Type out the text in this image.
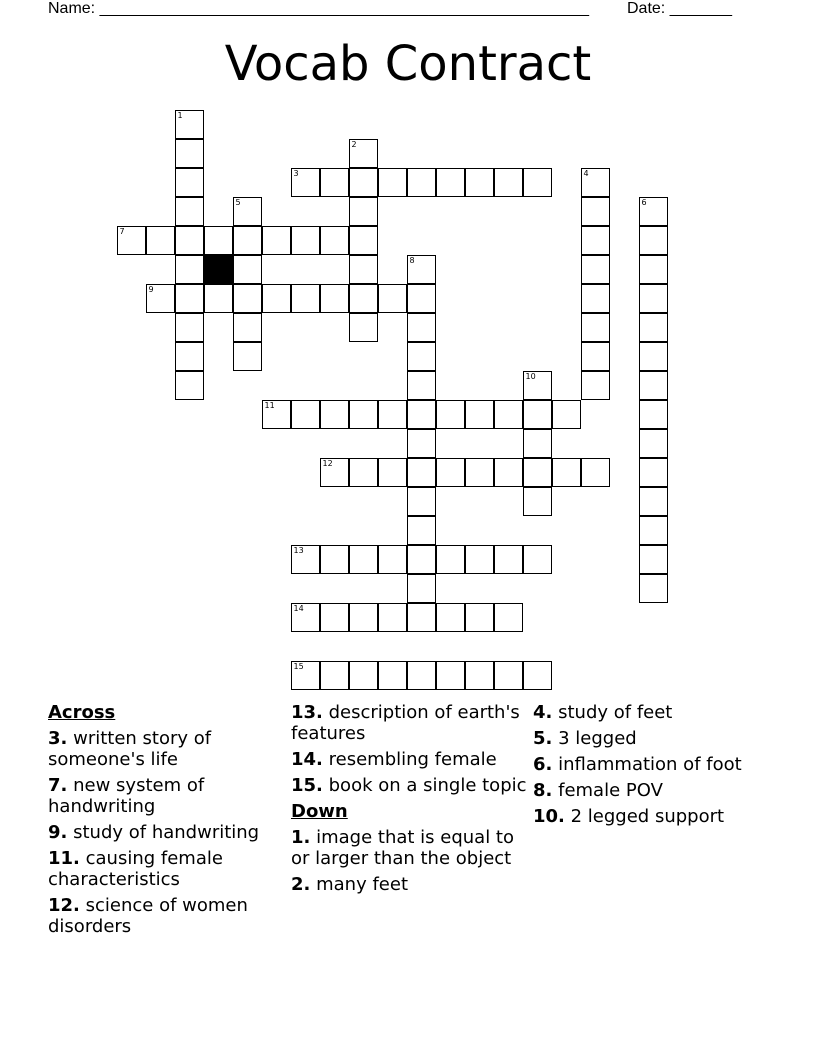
Name: _______________________________________________________ Date: _______
Vocab Contract
1
2
3	4
5	6
7
8
9
10
11
12
13
14
15
Across
3. written story of someone's life
7. new system of handwriting
9. study of handwriting
11. causing female characteristics
12. science of women disorders
13. description of earth's features
14. resembling female
15. book on a single topic
Down
1. image that is equal to or larger than the object
2. many feet
4. study of feet
5. 3 legged
6. inflammation of foot
8. female POV
10. 2 legged support
